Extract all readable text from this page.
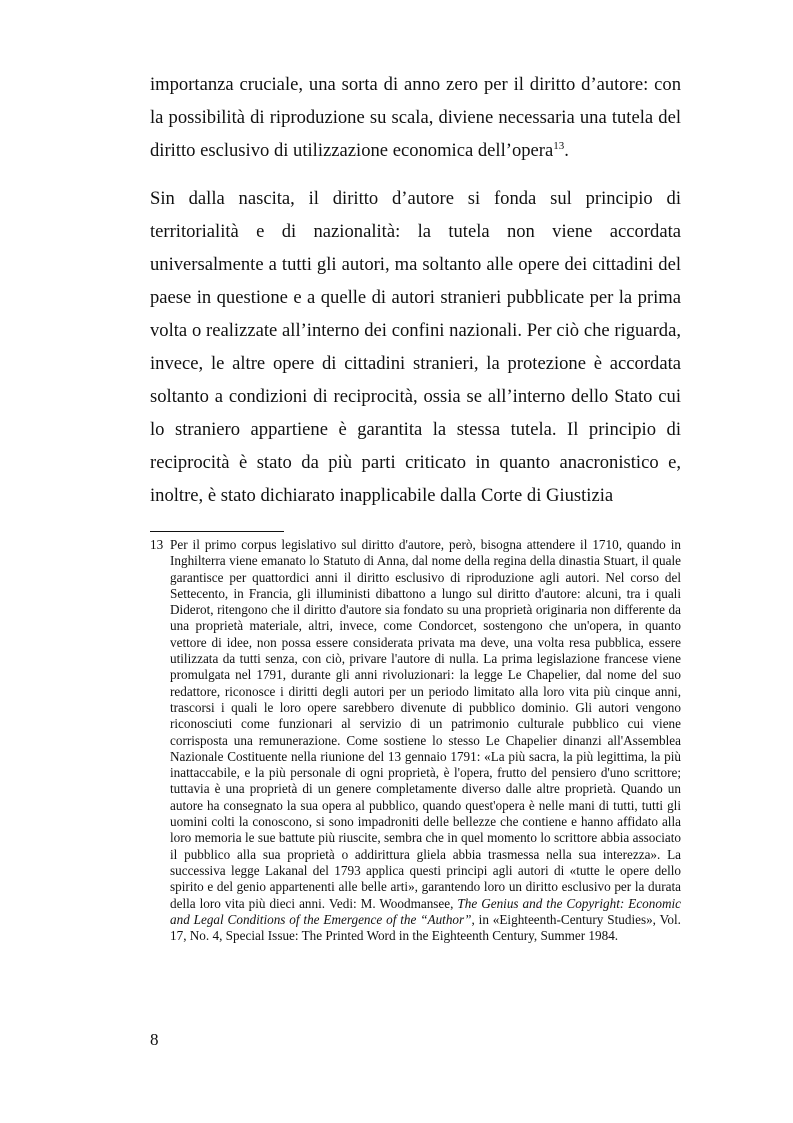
importanza cruciale, una sorta di anno zero per il diritto d’autore: con la possibilità di riproduzione su scala, diviene necessaria una tutela del diritto esclusivo di utilizzazione economica dell’opera$^{13}$.

Sin dalla nascita, il diritto d’autore si fonda sul principio di territorialità e di nazionalità: la tutela non viene accordata universalmente a tutti gli autori, ma soltanto alle opere dei cittadini del paese in questione e a quelle di autori stranieri pubblicate per la prima volta o realizzate all’interno dei confini nazionali. Per ciò che riguarda, invece, le altre opere di cittadini stranieri, la protezione è accordata soltanto a condizioni di reciprocità, ossia se all’interno dello Stato cui lo straniero appartiene è garantita la stessa tutela. Il principio di reciprocità è stato da più parti criticato in quanto anacronistico e, inoltre, è stato dichiarato inapplicabile dalla Corte di Giustizia

13 Per il primo corpus legislativo sul diritto d'autore, però, bisogna attendere il 1710, quando in Inghilterra viene emanato lo Statuto di Anna, dal nome della regina della dinastia Stuart, il quale garantisce per quattordici anni il diritto esclusivo di riproduzione agli autori. Nel corso del Settecento, in Francia, gli illuministi dibattono a lungo sul diritto d'autore: alcuni, tra i quali Diderot, ritengono che il diritto d'autore sia fondato su una proprietà originaria non differente da una proprietà materiale, altri, invece, come Condorcet, sostengono che un'opera, in quanto vettore di idee, non possa essere considerata privata ma deve, una volta resa pubblica, essere utilizzata da tutti senza, con ciò, privare l'autore di nulla. La prima legislazione francese viene promulgata nel 1791, durante gli anni rivoluzionari: la legge Le Chapelier, dal nome del suo redattore, riconosce i diritti degli autori per un periodo limitato alla loro vita più cinque anni, trascorsi i quali le loro opere sarebbero divenute di pubblico dominio. Gli autori vengono riconosciuti come funzionari al servizio di un patrimonio culturale pubblico cui viene corrisposta una remunerazione. Come sostiene lo stesso Le Chapelier dinanzi all'Assemblea Nazionale Costituente nella riunione del 13 gennaio 1791: «La più sacra, la più legittima, la più inattaccabile, e la più personale di ogni proprietà, è l'opera, frutto del pensiero d'uno scrittore; tuttavia è una proprietà di un genere completamente diverso dalle altre proprietà. Quando un autore ha consegnato la sua opera al pubblico, quando quest'opera è nelle mani di tutti, tutti gli uomini colti la conoscono, si sono impadroniti delle bellezze che contiene e hanno affidato alla loro memoria le sue battute più riuscite, sembra che in quel momento lo scrittore abbia associato il pubblico alla sua proprietà o addirittura gliela abbia trasmessa nella sua interezza». La successiva legge Lakanal del 1793 applica questi principi agli autori di «tutte le opere dello spirito e del genio appartenenti alle belle arti», garantendo loro un diritto esclusivo per la durata della loro vita più dieci anni. Vedi: M. Woodmansee, The Genius and the Copyright: Economic and Legal Conditions of the Emergence of the “Author”, in «Eighteenth-Century Studies», Vol. 17, No. 4, Special Issue: The Printed Word in the Eighteenth Century, Summer 1984.

8
